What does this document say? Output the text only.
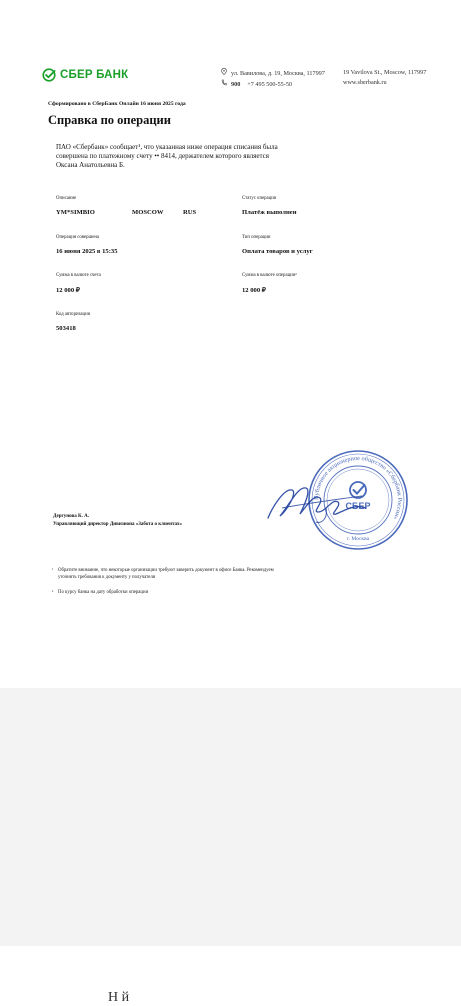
СБЕР БАНК	ул. Вавилова, д. 19, Москва, 117997
900 +7 495 500-55-50
19 Vavilova St., Moscow, 117997
www.sberbank.ru
Сформировано в СберБанк Онлайн 16 июня 2025 года
Справка по операции
ПАО «Сбербанк» сообщает¹, что указанная ниже операция списания была
совершена по платежному счету •• 8414, держателем которого является
Оксана Анатольевна Б.
Описание
YM*SIMBIO	MOSCOW	RUS
Статус операции
Платёж выполнен
Операция совершена
16 июня 2025 в 15:35
Тип операции
Оплата товаров и услуг
Сумма в валюте счета
12 000 ₽
Сумма в валюте операции²
12 000 ₽
Код авторизации
503418
Дергунова К. А.
Управляющий директор Дивизиона «Забота о клиентах»
Публичное акционерное общество «Сбербанк России»
СБЕР
г. Москва
¹ Обратите внимание, что некоторые организации требуют заверить документ в офисе Банка. Рекомендуем
уточнить требования к документу у получателя
² По курсу банка на дату обработки операции
Н й
